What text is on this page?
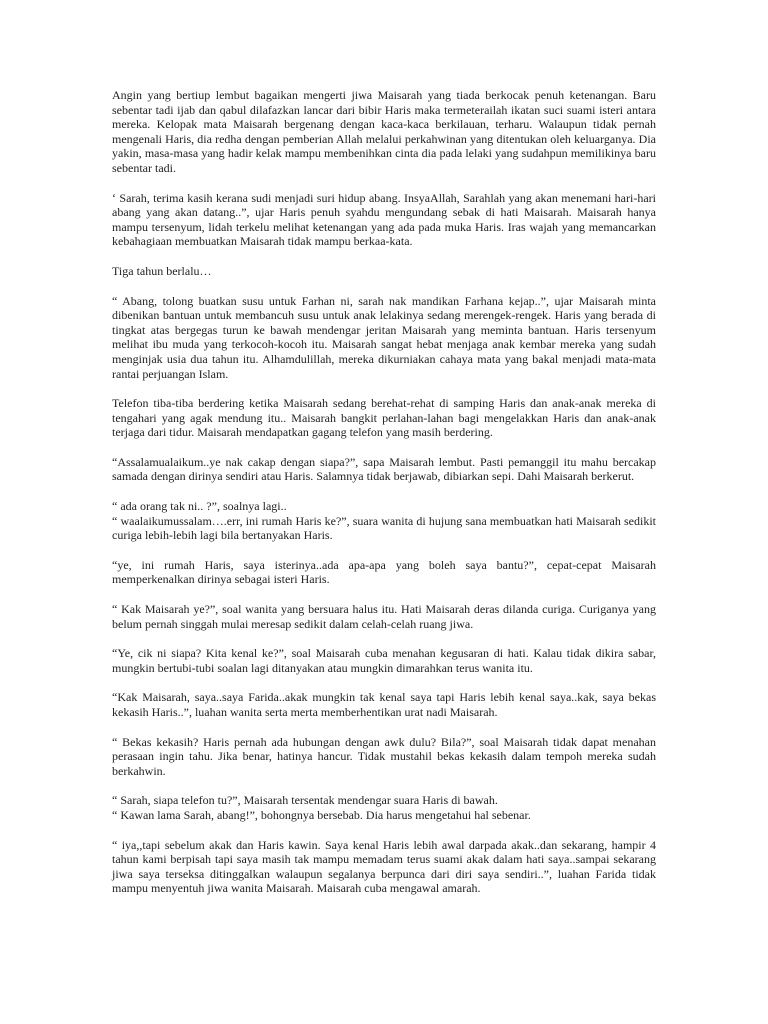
Angin yang bertiup lembut bagaikan mengerti jiwa Maisarah yang tiada berkocak penuh ketenangan. Baru sebentar tadi ijab dan qabul dilafazkan lancar dari bibir Haris maka termeterailah ikatan suci suami isteri antara mereka. Kelopak mata Maisarah bergenang dengan kaca-kaca berkilauan, terharu. Walaupun tidak pernah mengenali Haris, dia redha dengan pemberian Allah melalui perkahwinan yang ditentukan oleh keluarganya. Dia yakin, masa-masa yang hadir kelak mampu membenihkan cinta dia pada lelaki yang sudahpun memilikinya baru sebentar tadi.

‘ Sarah, terima kasih kerana sudi menjadi suri hidup abang. InsyaAllah, Sarahlah yang akan menemani hari-hari abang yang akan datang..”, ujar Haris penuh syahdu mengundang sebak di hati Maisarah. Maisarah hanya mampu tersenyum, lidah terkelu melihat ketenangan yang ada pada muka Haris. Iras wajah yang memancarkan kebahagiaan membuatkan Maisarah tidak mampu berkaa-kata.

Tiga tahun berlalu…

“ Abang, tolong buatkan susu untuk Farhan ni, sarah nak mandikan Farhana kejap..”, ujar Maisarah minta dibenikan bantuan untuk membancuh susu untuk anak lelakinya sedang merengek-rengek. Haris yang berada di tingkat atas bergegas turun ke bawah mendengar jeritan Maisarah yang meminta bantuan. Haris tersenyum melihat ibu muda yang terkocoh-kocoh itu. Maisarah sangat hebat menjaga anak kembar mereka yang sudah menginjak usia dua tahun itu. Alhamdulillah, mereka dikurniakan cahaya mata yang bakal menjadi mata-mata rantai perjuangan Islam.

Telefon tiba-tiba berdering ketika Maisarah sedang berehat-rehat di samping Haris dan anak-anak mereka di tengahari yang agak mendung itu.. Maisarah bangkit perlahan-lahan bagi mengelakkan Haris dan anak-anak terjaga dari tidur. Maisarah mendapatkan gagang telefon yang masih berdering.

“Assalamualaikum..ye nak cakap dengan siapa?”, sapa Maisarah lembut. Pasti pemanggil itu mahu bercakap samada dengan dirinya sendiri atau Haris. Salamnya tidak berjawab, dibiarkan sepi. Dahi Maisarah berkerut.

“ ada orang tak ni.. ?”, soalnya lagi..
“ waalaikumussalam….err, ini rumah Haris ke?”, suara wanita di hujung sana membuatkan hati Maisarah sedikit curiga lebih-lebih lagi bila bertanyakan Haris.

“ye, ini rumah Haris, saya isterinya..ada apa-apa yang boleh saya bantu?”, cepat-cepat Maisarah memperkenalkan dirinya sebagai isteri Haris.

“ Kak Maisarah ye?”, soal wanita yang bersuara halus itu. Hati Maisarah deras dilanda curiga. Curiganya yang belum pernah singgah mulai meresap sedikit dalam celah-celah ruang jiwa.

“Ye, cik ni siapa? Kita kenal ke?”, soal Maisarah cuba menahan kegusaran di hati. Kalau tidak dikira sabar, mungkin bertubi-tubi soalan lagi ditanyakan atau mungkin dimarahkan terus wanita itu.

“Kak Maisarah, saya..saya Farida..akak mungkin tak kenal saya tapi Haris lebih kenal saya..kak, saya bekas kekasih Haris..”, luahan wanita serta merta memberhentikan urat nadi Maisarah.

“ Bekas kekasih? Haris pernah ada hubungan dengan awk dulu? Bila?”, soal Maisarah tidak dapat menahan perasaan ingin tahu. Jika benar, hatinya hancur. Tidak mustahil bekas kekasih dalam tempoh mereka sudah berkahwin.

“ Sarah, siapa telefon tu?”, Maisarah tersentak mendengar suara Haris di bawah.
“ Kawan lama Sarah, abang!”, bohongnya bersebab. Dia harus mengetahui hal sebenar.

“ iya,,tapi sebelum akak dan Haris kawin. Saya kenal Haris lebih awal darpada akak..dan sekarang, hampir 4 tahun kami berpisah tapi saya masih tak mampu memadam terus suami akak dalam hati saya..sampai sekarang jiwa saya terseksa ditinggalkan walaupun segalanya berpunca dari diri saya sendiri..”, luahan Farida tidak mampu menyentuh jiwa wanita Maisarah. Maisarah cuba mengawal amarah.
